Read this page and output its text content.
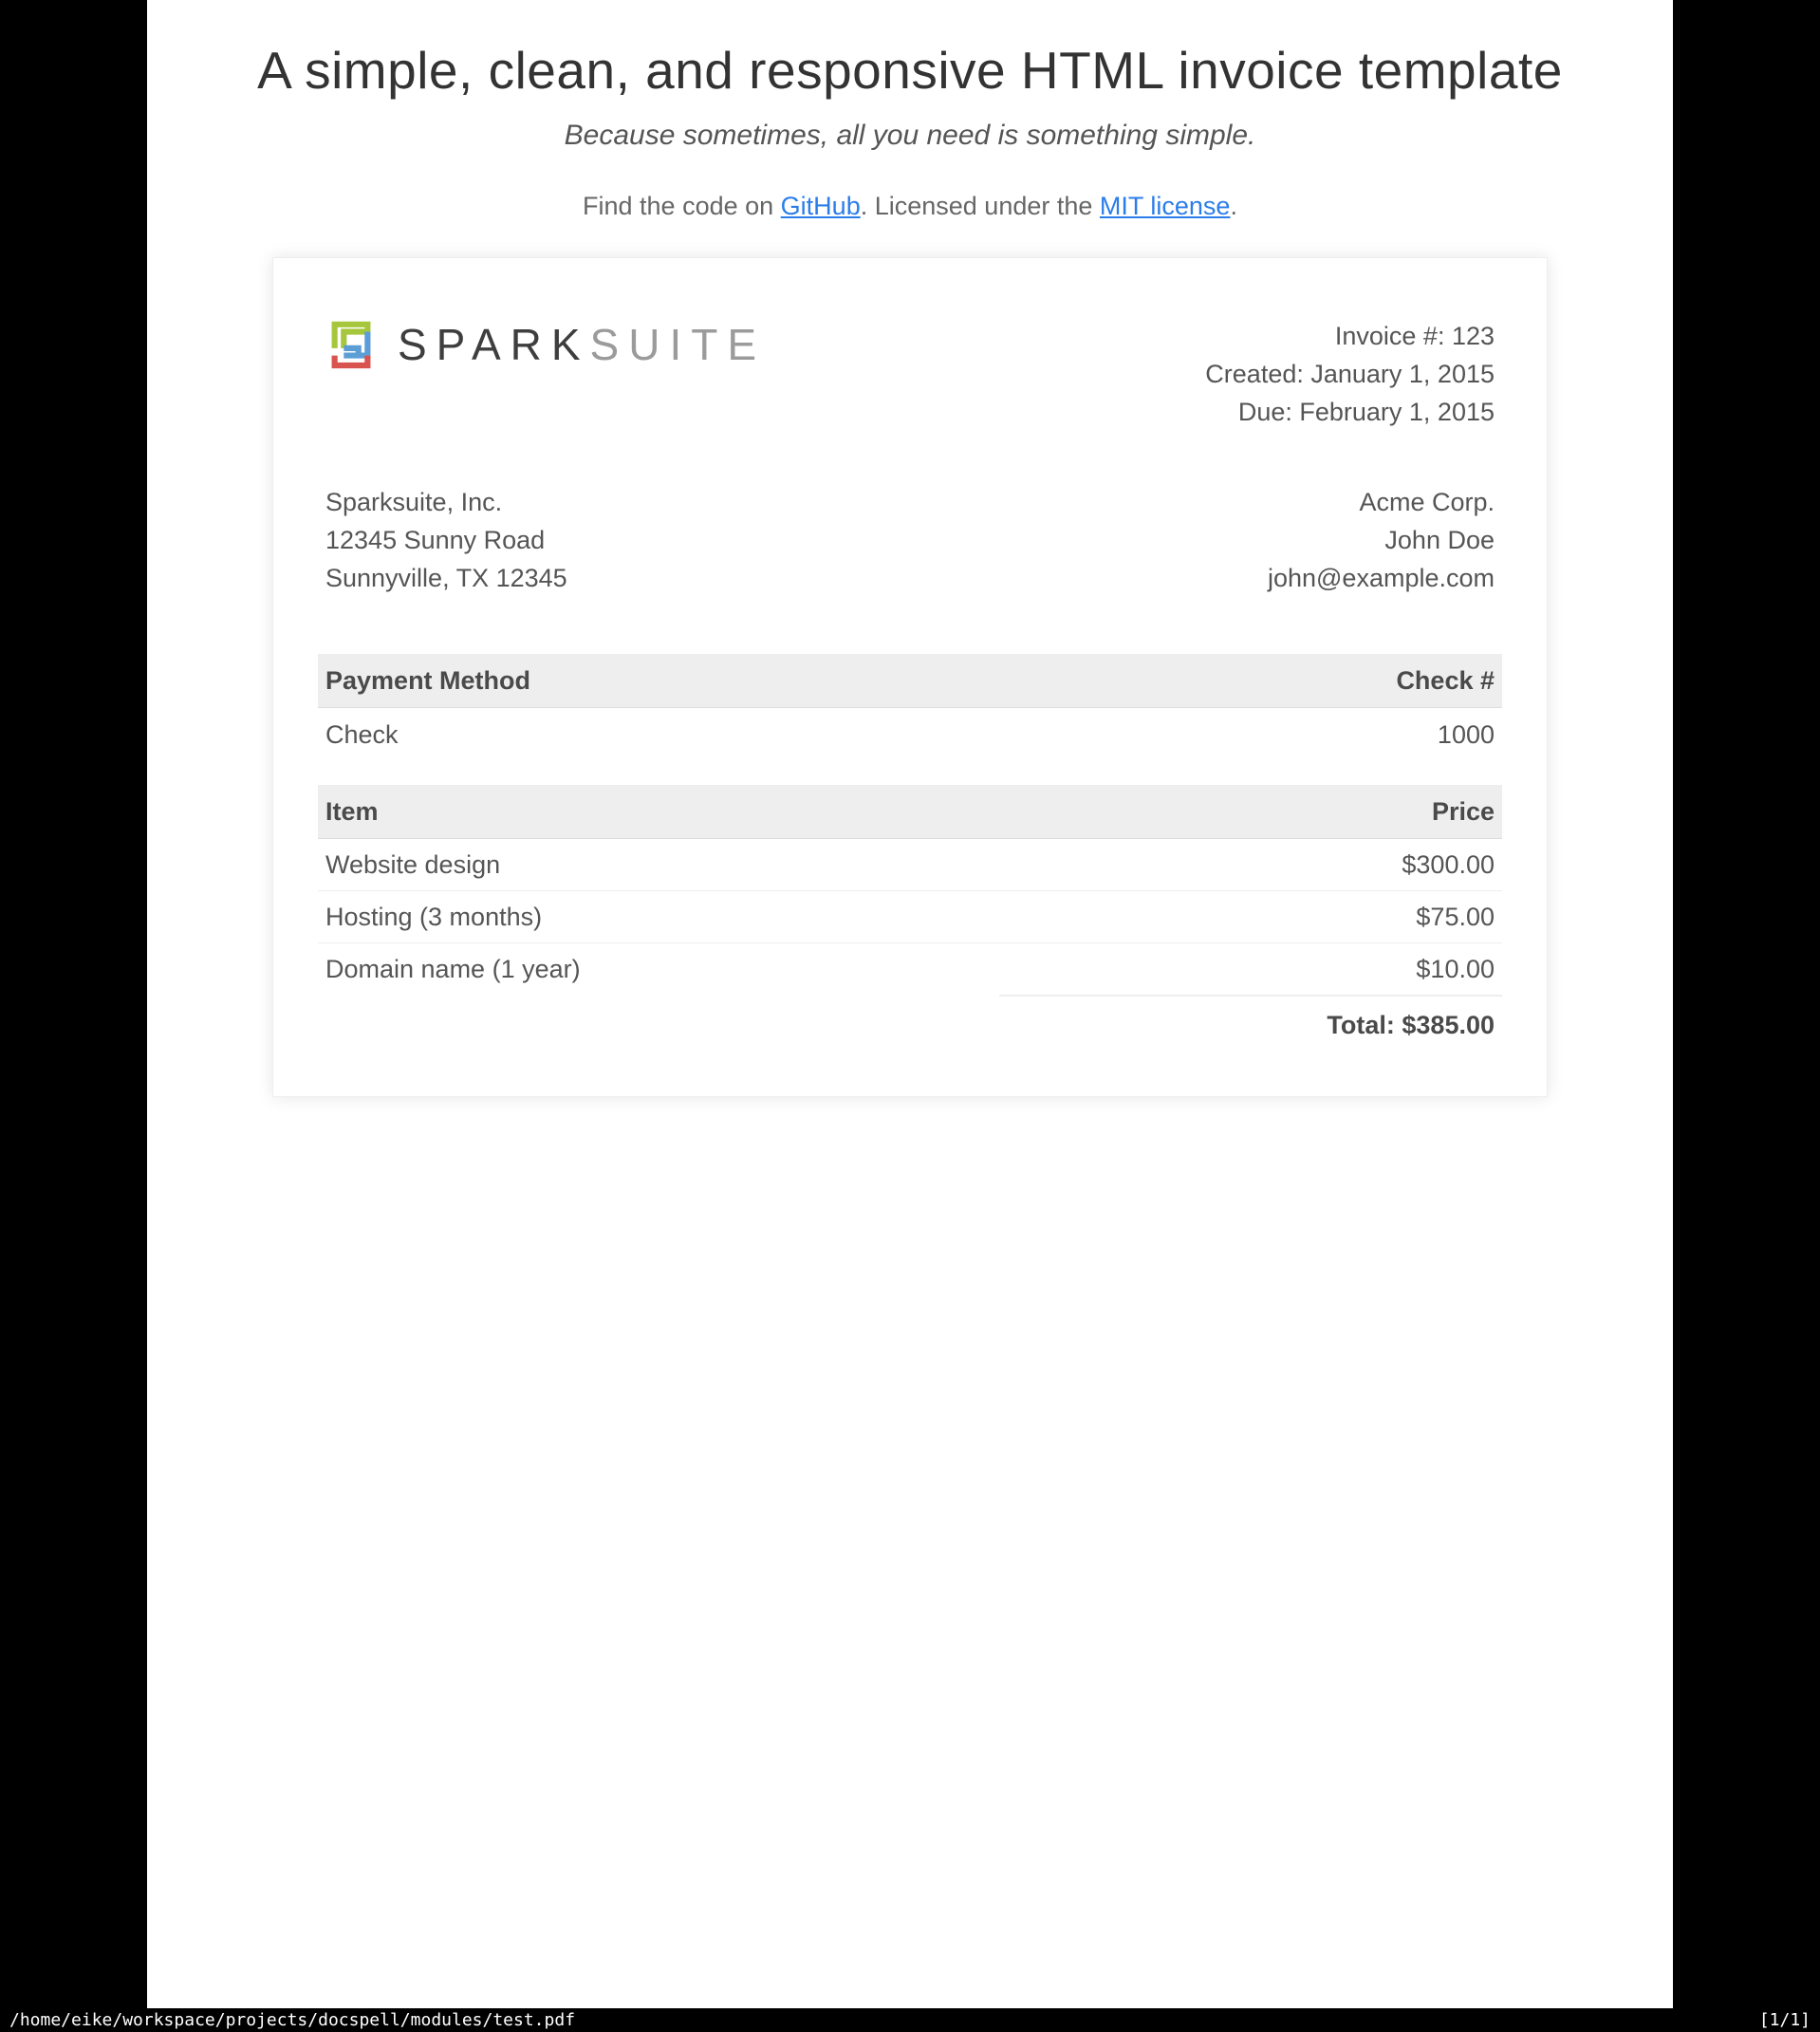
A simple, clean, and responsive HTML invoice template
Because sometimes, all you need is something simple.
Find the code on GitHub. Licensed under the MIT license.
SPARKSUITE	Invoice #: 123
Created: January 1, 2015
Due: February 1, 2015
Sparksuite, Inc.
12345 Sunny Road
Sunnyville, TX 12345
Acme Corp.
John Doe
john@example.com
Payment Method	Check #
Check	1000
Item	Price
Website design	$300.00
Hosting (3 months)	$75.00
Domain name (1 year)	$10.00
	Total: $385.00
/home/eike/workspace/projects/docspell/modules/test.pdf	[1/1]
